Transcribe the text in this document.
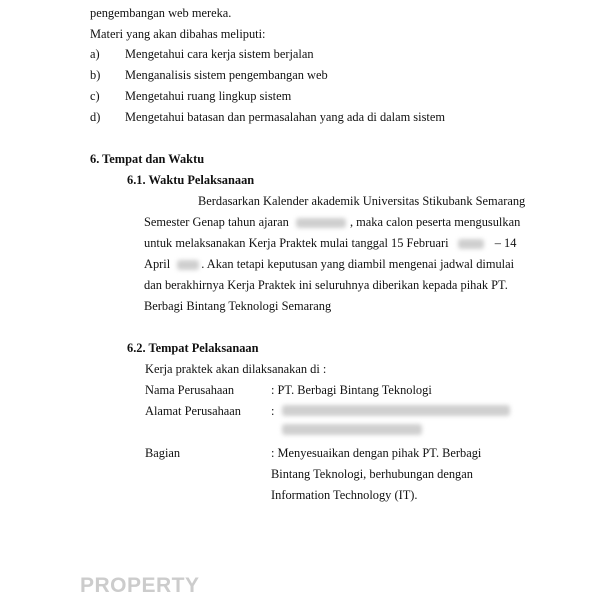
pengembangan web mereka.
Materi yang akan dibahas meliputi:
a) Mengetahui cara kerja sistem berjalan
b) Menganalisis sistem pengembangan web
c) Mengetahui ruang lingkup sistem
d) Mengetahui batasan dan permasalahan yang ada di dalam sistem
6. Tempat dan Waktu
6.1. Waktu Pelaksanaan
Berdasarkan Kalender akademik Universitas Stikubank Semarang
Semester Genap tahun ajaran	, maka calon peserta mengusulkan
untuk melaksanakan Kerja Praktek mulai tanggal 15 Februari	– 14
April	. Akan tetapi keputusan yang diambil mengenai jadwal dimulai
dan berakhirnya Kerja Praktek ini seluruhnya diberikan kepada pihak PT.
Berbagi Bintang Teknologi Semarang
6.2. Tempat Pelaksanaan
Kerja praktek akan dilaksanakan di :
Nama Perusahaan	: PT. Berbagi Bintang Teknologi
Alamat Perusahaan :
Bagian	: Menyesuaikan dengan pihak PT. Berbagi
Bintang Teknologi, berhubungan dengan
Information Technology (IT).
PROPERTY
